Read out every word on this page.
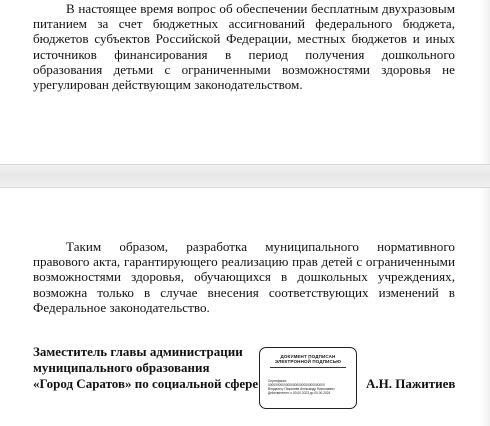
В настоящее время вопрос об обеспечении бесплатным двухразовым питанием за счет бюджетных ассигнований федерального бюджета, бюджетов субъектов Российской Федерации, местных бюджетов и иных источников финансирования в период получения дошкольного образования детьми с ограниченными возможностями здоровья не урегулирован действующим законодательством.

Таким образом, разработка муниципального нормативного правового акта, гарантирующего реализацию прав детей с ограниченными возможностями здоровья, обучающихся в дошкольных учреждениях, возможна только в случае внесения соответствующих изменений в Федеральное законодательство.

Заместитель главы администрации
муниципального образования
«Город Саратов» по социальной сфере
ДОКУМЕНТ ПОДПИСАН
ЭЛЕКТРОННОЙ ПОДПИСЬЮ
Сертификат:
00000000000000000000000000000000
Владелец: Пажитиев Александр Николаевич
Действителен: с 00.00.2023 до 00.00.2024
А.Н. Пажитиев
